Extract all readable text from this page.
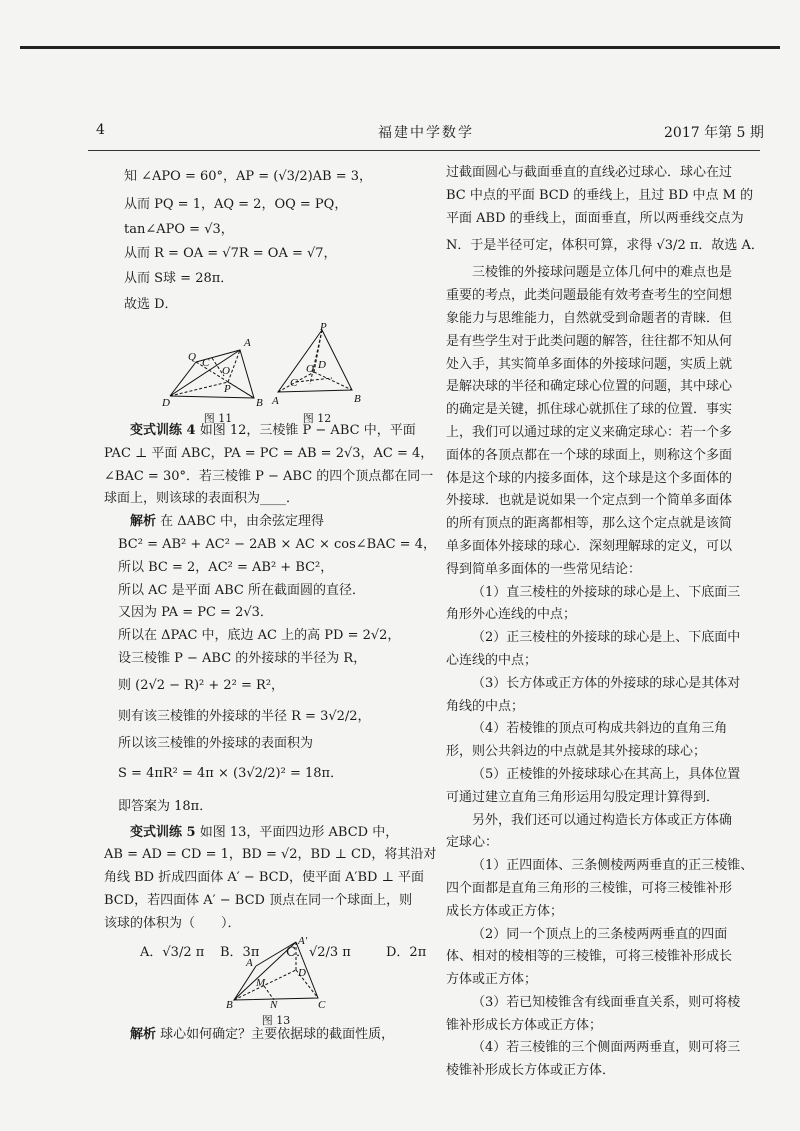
4	福建中学数学	2017 年第 5 期

知 ∠APO = 60°，AP = (√3/2)AB = 3，

从而 PQ = 1，AQ = 2，OQ = PQ，

tan∠APO = √3，

从而 R = OA = √7R = OA = √7，

从而 S球 = 28π．

故选 D．

A
Q
O
P
D	B
C
图 11
P
C
O D
A	B
图 12

变式训练 4 如图 12，三棱锥 P − ABC 中，平面

PAC ⊥ 平面 ABC，PA = PC = AB = 2√3，AC = 4，

∠BAC = 30°．若三棱锥 P − ABC 的四个顶点都在同一

球面上，则该球的表面积为____．

解析 在 ΔABC 中，由余弦定理得

BC² = AB² + AC² − 2AB × AC × cos∠BAC = 4，

所以 BC = 2，AC² = AB² + BC²，

所以 AC 是平面 ABC 所在截面圆的直径．

又因为 PA = PC = 2√3．

所以在 ΔPAC 中，底边 AC 上的高 PD = 2√2，

设三棱锥 P − ABC 的外接球的半径为 R，

则 (2√2 − R)² + 2² = R²，

则有该三棱锥的外接球的半径 R = 3√2/2，

所以该三棱锥的外接球的表面积为

S = 4πR² = 4π × (3√2/2)² = 18π．

即答案为 18π．

变式训练 5 如图 13，平面四边形 ABCD 中，

AB = AD = CD = 1，BD = √2，BD ⊥ CD，将其沿对

角线 BD 折成四面体 A′ − BCD，使平面 A′BD ⊥ 平面

BCD，若四面体 A′ − BCD 顶点在同一个球面上，则

该球的体积为（　　）．

A．√3/2 π	B．3π	C．√2/3 π	D．2π
A′
A
M
D
B	N	C
图 13

解析 球心如何确定？主要依据球的截面性质，

过截面圆心与截面垂直的直线必过球心．球心在过

BC 中点的平面 BCD 的垂线上，且过 BD 中点 M 的

平面 ABD 的垂线上，面面垂直，所以两垂线交点为

N．于是半径可定，体积可算，求得 √3/2 π．故选 A．

三棱锥的外接球问题是立体几何中的难点也是

重要的考点，此类问题最能有效考查考生的空间想

象能力与思维能力，自然就受到命题者的青睐．但

是有些学生对于此类问题的解答，往往都不知从何

处入手，其实简单多面体的外接球问题，实质上就

是解决球的半径和确定球心位置的问题，其中球心

的确定是关键，抓住球心就抓住了球的位置．事实

上，我们可以通过球的定义来确定球心：若一个多

面体的各顶点都在一个球的球面上，则称这个多面

体是这个球的内接多面体，这个球是这个多面体的

外接球．也就是说如果一个定点到一个简单多面体

的所有顶点的距离都相等，那么这个定点就是该简

单多面体外接球的球心．深刻理解球的定义，可以

得到简单多面体的一些常见结论：

（1）直三棱柱的外接球的球心是上、下底面三

角形外心连线的中点；

（2）正三棱柱的外接球的球心是上、下底面中

心连线的中点；

（3）长方体或正方体的外接球的球心是其体对

角线的中点；

（4）若棱锥的顶点可构成共斜边的直角三角

形，则公共斜边的中点就是其外接球的球心；

（5）正棱锥的外接球球心在其高上，具体位置

可通过建立直角三角形运用勾股定理计算得到．

另外，我们还可以通过构造长方体或正方体确

定球心：

（1）正四面体、三条侧棱两两垂直的正三棱锥、

四个面都是直角三角形的三棱锥，可将三棱锥补形

成长方体或正方体；

（2）同一个顶点上的三条棱两两垂直的四面

体、相对的棱相等的三棱锥，可将三棱锥补形成长

方体或正方体；

（3）若已知棱锥含有线面垂直关系，则可将棱

锥补形成长方体或正方体；

（4）若三棱锥的三个侧面两两垂直，则可将三

棱锥补形成长方体或正方体．
